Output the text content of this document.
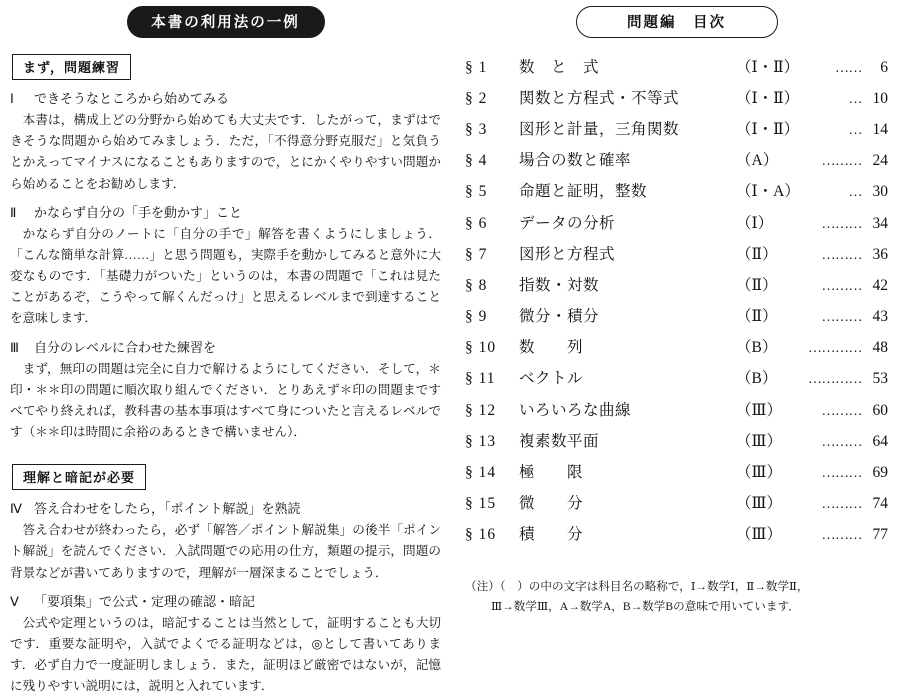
本書の利用法の一例
まず，問題練習
Ⅰ	できそうなところから始めてみる

本書は，構成上どの分野から始めても大丈夫です．したがって，まずはできそうな問題から始めてみましょう．ただ，「不得意分野克服だ」と気負うとかえってマイナスになることもありますので，とにかくやりやすい問題から始めることをお勧めします．

Ⅱ	かならず自分の「手を動かす」こと

かならず自分のノートに「自分の手で」解答を書くようにしましょう．「こんな簡単な計算……」と思う問題も，実際手を動かしてみると意外に大変なものです．「基礎力がついた」というのは，本書の問題で「これは見たことがあるぞ，こうやって解くんだっけ」と思えるレベルまで到達することを意味します．

Ⅲ	自分のレベルに合わせた練習を

まず，無印の問題は完全に自力で解けるようにしてください．そして，＊印・＊＊印の問題に順次取り組んでください．とりあえず＊印の問題まですべてやり終えれば，教科書の基本事項はすべて身についたと言えるレベルです（＊＊印は時間に余裕のあるときで構いません）．

理解と暗記が必要
Ⅳ 答え合わせをしたら，「ポイント解説」を熟読

答え合わせが終わったら，必ず「解答／ポイント解説集」の後半「ポイント解説」を読んでください．入試問題での応用の仕方，類題の提示，問題の背景などが書いてありますので，理解が一層深まることでしょう．

Ⅴ	「要項集」で公式・定理の確認・暗記

公式や定理というのは，暗記することは当然として，証明することも大切です．重要な証明や，入試でよくでる証明などは，◎として書いてあります．必ず自力で一度証明しましょう．また，証明ほど厳密ではないが，記憶に残りやすい説明には，説明と入れています．

問題編　目次
§ 1	数　と　式	（Ⅰ・Ⅱ）	……	6
§ 2	関数と方程式・不等式	（Ⅰ・Ⅱ）	… 10
§ 3	図形と計量，三角関数	（Ⅰ・Ⅱ）	… 14
§ 4	場合の数と確率	（A）	……… 24
§ 5	命題と証明，整数	（Ⅰ・A）	… 30
§ 6	データの分析	（Ⅰ）	……… 34
§ 7	図形と方程式	（Ⅱ）	……… 36
§ 8	指数・対数	（Ⅱ）	……… 42
§ 9	微分・積分	（Ⅱ）	……… 43
§ 10	数　　列	（B）	………… 48
§ 11	ベクトル	（B）	………… 53
§ 12	いろいろな曲線	（Ⅲ）	……… 60
§ 13	複素数平面	（Ⅲ）	……… 64
§ 14	極　　限	（Ⅲ）	……… 69
§ 15	微　　分	（Ⅲ）	……… 74
§ 16	積　　分	（Ⅲ）	……… 77
（注）（　）の中の文字は科目名の略称で，Ⅰ→数学Ⅰ，Ⅱ→数学Ⅱ，
Ⅲ→数学Ⅲ，A→数学A，B→数学Bの意味で用いています．
